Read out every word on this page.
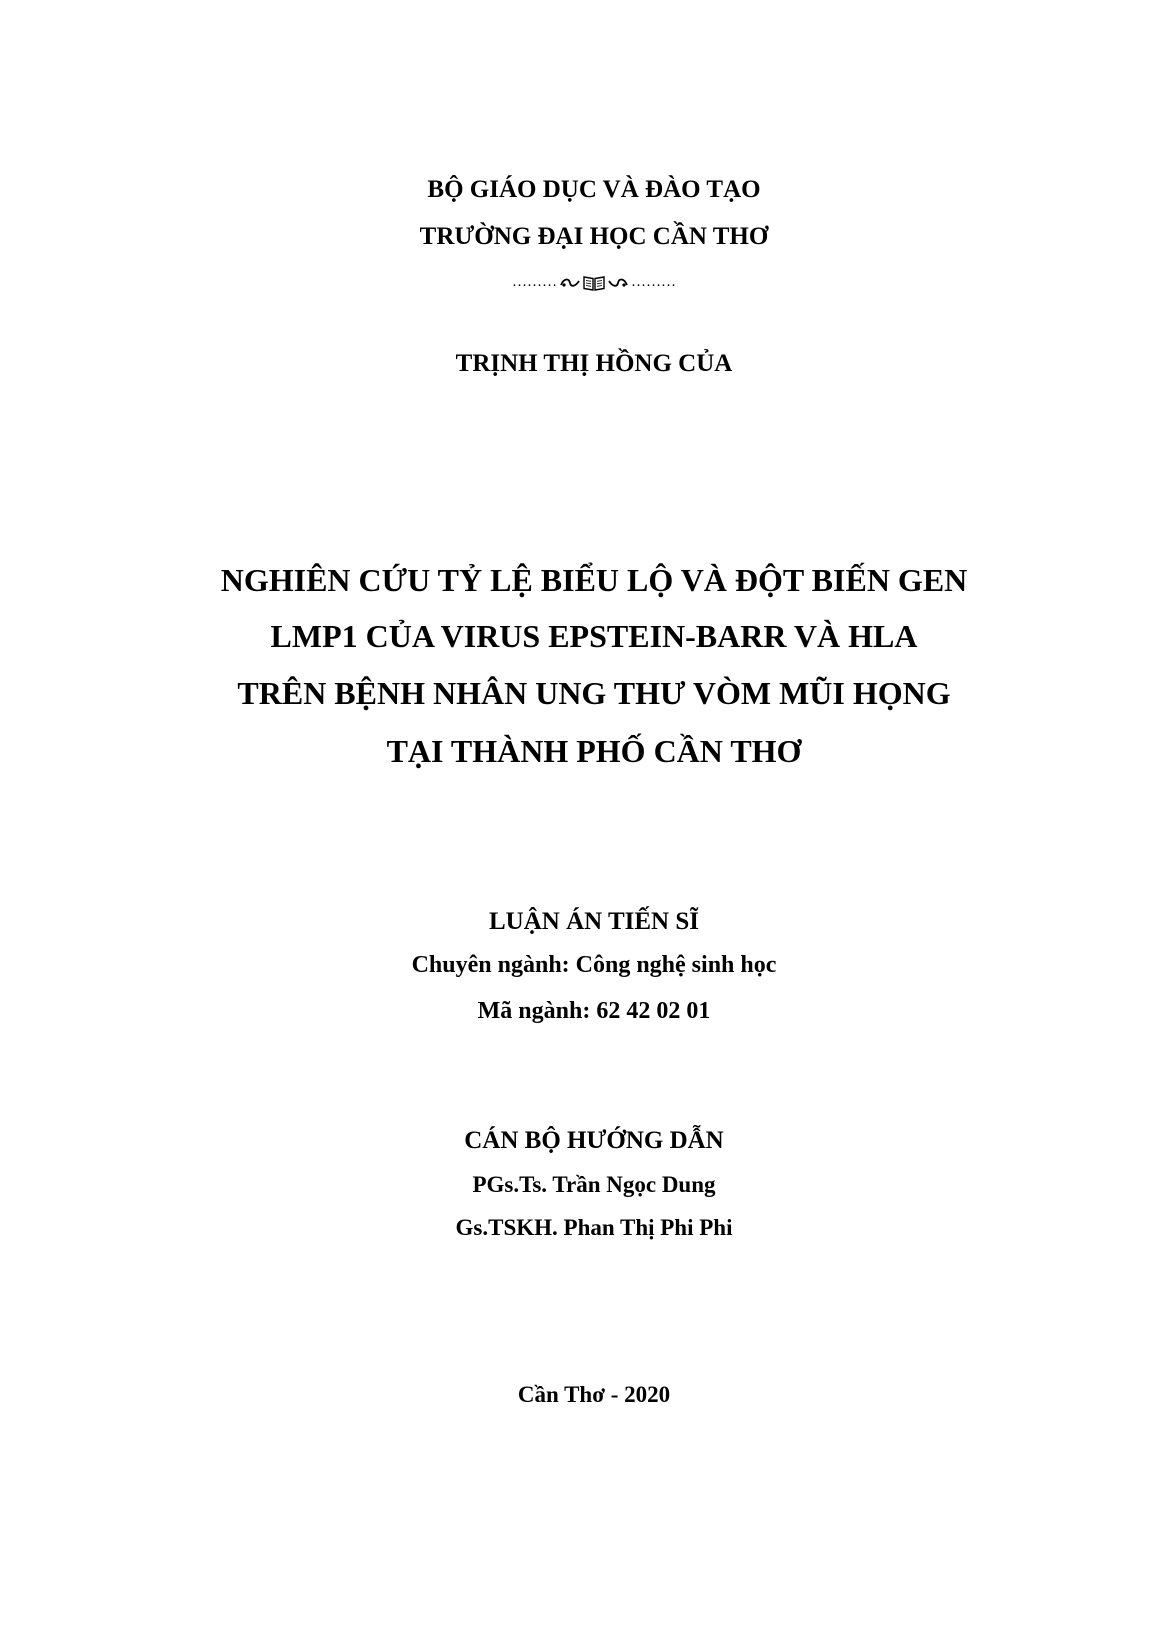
BỘ GIÁO DỤC VÀ ĐÀO TẠO
TRƯỜNG ĐẠI HỌC CẦN THƠ
………	………
TRỊNH THỊ HỒNG CỦA
NGHIÊN CỨU TỶ LỆ BIỂU LỘ VÀ ĐỘT BIẾN GEN
LMP1 CỦA VIRUS EPSTEIN-BARR VÀ HLA
TRÊN BỆNH NHÂN UNG THƯ VÒM MŨI HỌNG
TẠI THÀNH PHỐ CẦN THƠ
LUẬN ÁN TIẾN SĨ
Chuyên ngành: Công nghệ sinh học
Mã ngành: 62 42 02 01
CÁN BỘ HƯỚNG DẪN
PGs.Ts. Trần Ngọc Dung
Gs.TSKH. Phan Thị Phi Phi
Cần Thơ - 2020
